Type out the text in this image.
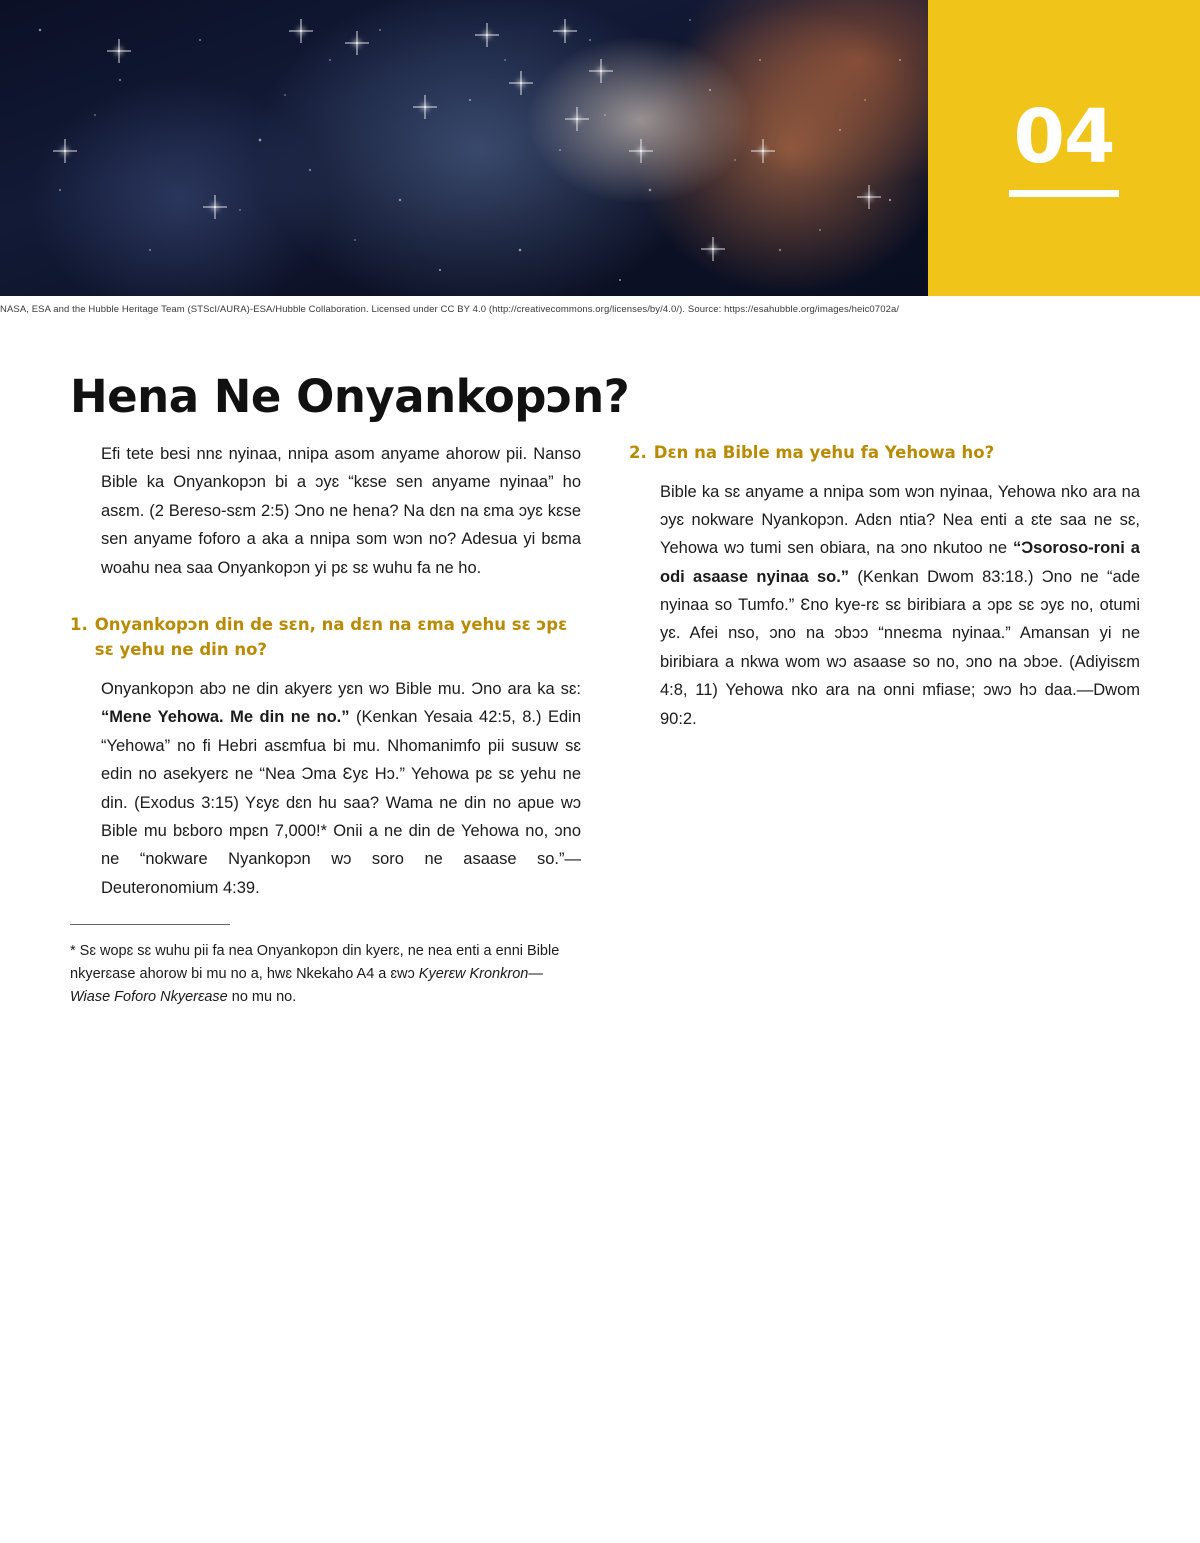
04
NASA, ESA and the Hubble Heritage Team (STScI/AURA)-ESA/Hubble Collaboration. Licensed under CC BY 4.0 (http://creativecommons.org/licenses/by/4.0/). Source: https://esahubble.org/images/heic0702a/
Hena Ne Onyankopɔn?

Efi tete besi nnɛ nyinaa, nnipa asom anyame ahorow pii. Nanso Bible ka Onyankopɔn bi a ɔyɛ “kɛse sen anyame nyinaa” ho asɛm. (2 Bereso-sɛm 2:5) Ɔno ne hena? Na dɛn na ɛma ɔyɛ kɛse sen anyame foforo a aka a nnipa som wɔn no? Adesua yi bɛma woahu nea saa Onyankopɔn yi pɛ sɛ wuhu fa ne ho.

1. Onyankopɔn din de sɛn, na dɛn na ɛma yehu sɛ ɔpɛ sɛ yehu ne din no?

Onyankopɔn abɔ ne din akyerɛ yɛn wɔ Bible mu. Ɔno ara ka sɛ: “Mene Yehowa. Me din ne no.” (Kenkan Yesaia 42:5, 8.) Edin “Yehowa” no fi Hebri asɛmfua bi mu. Nhomanimfo pii susuw sɛ edin no asekyerɛ ne “Nea Ɔma Ɛyɛ Hɔ.” Yehowa pɛ sɛ yehu ne din. (Exodus 3:15) Yɛyɛ dɛn hu saa? Wama ne din no apue wɔ Bible mu bɛboro mpɛn 7,000!* Onii a ne din de Yehowa no, ɔno ne “nokware Nyankopɔn wɔ soro ne asaase so.”—Deuteronomium 4:39.

* Sɛ wopɛ sɛ wuhu pii fa nea Onyankopɔn din kyerɛ, ne nea enti a enni Bible nkyerɛase ahorow bi mu no a, hwɛ Nkekaho A4 a ɛwɔ Kyerɛw Kronkron—Wiase Foforo Nkyerɛase no mu no.

2. Dɛn na Bible ma yehu fa Yehowa ho?

Bible ka sɛ anyame a nnipa som wɔn nyinaa, Yehowa nko ara na ɔyɛ nokware Nyankopɔn. Adɛn ntia? Nea enti a ɛte saa ne sɛ, Yehowa wɔ tumi sen obiara, na ɔno nkutoo ne “Ɔsoroso-roni a odi asaase nyinaa so.” (Kenkan Dwom 83:18.) Ɔno ne “ade nyinaa so Tumfo.” Ɛno kye-rɛ sɛ biribiara a ɔpɛ sɛ ɔyɛ no, otumi yɛ. Afei nso, ɔno na ɔbɔɔ “nneɛma nyinaa.” Amansan yi ne biribiara a nkwa wom wɔ asaase so no, ɔno na ɔbɔe. (Adiyisɛm 4:8, 11) Yehowa nko ara na onni mfiase; ɔwɔ hɔ daa.—Dwom 90:2.
